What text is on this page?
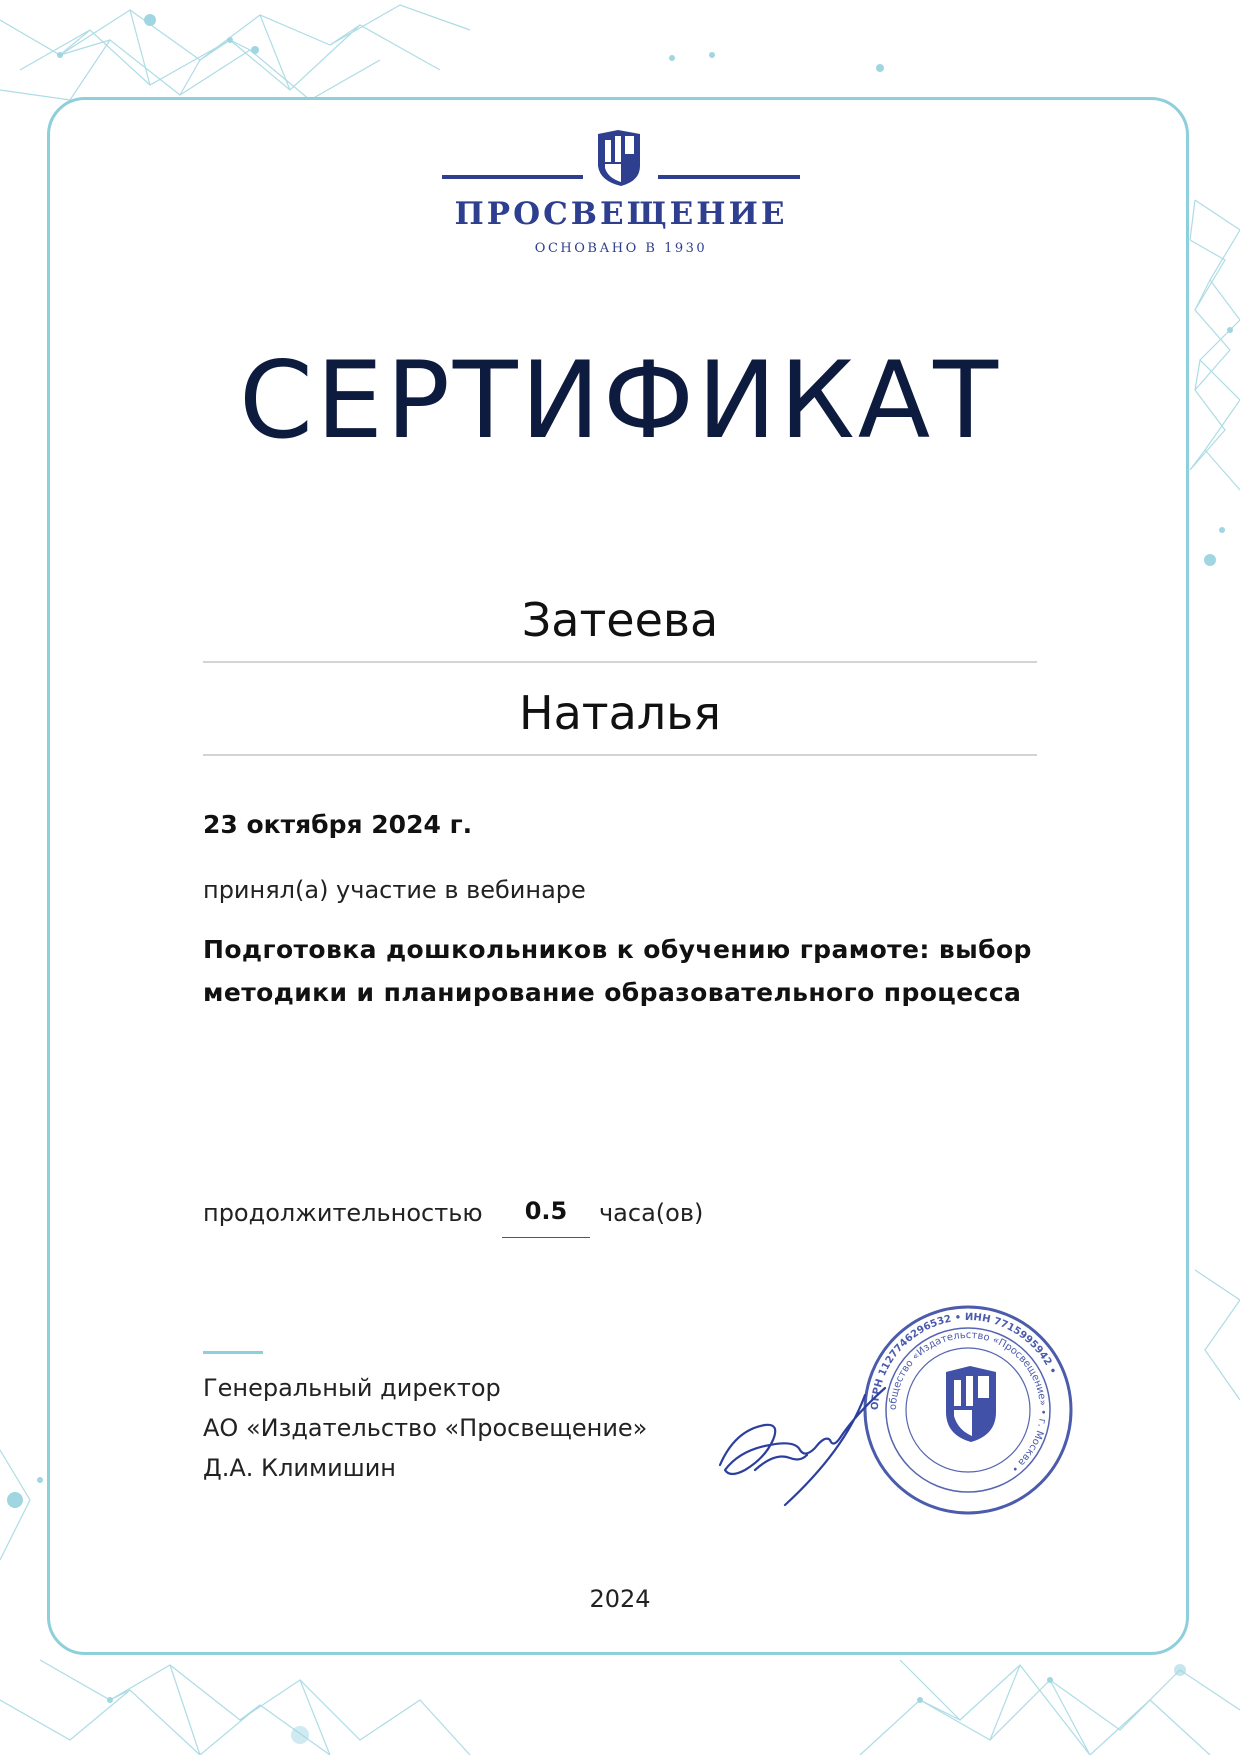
ПРОСВЕЩЕНИЕ
ОСНОВАНО В 1930
СЕРТИФИКАТ
Затеева
Наталья
23 октября 2024 г.
принял(а) участие в вебинаре
Подготовка дошкольников к обучению грамоте: выбор методики и планирование образовательного процесса
продолжительностью	0.5	часа(ов)
Генеральный директор
АО «Издательство «Просвещение»
Д.А. Климишин
ОГРН 1127746296532 • ИНН 7715995942 •
общество «Издательство «Просвещение» • г. Москва •
2024
